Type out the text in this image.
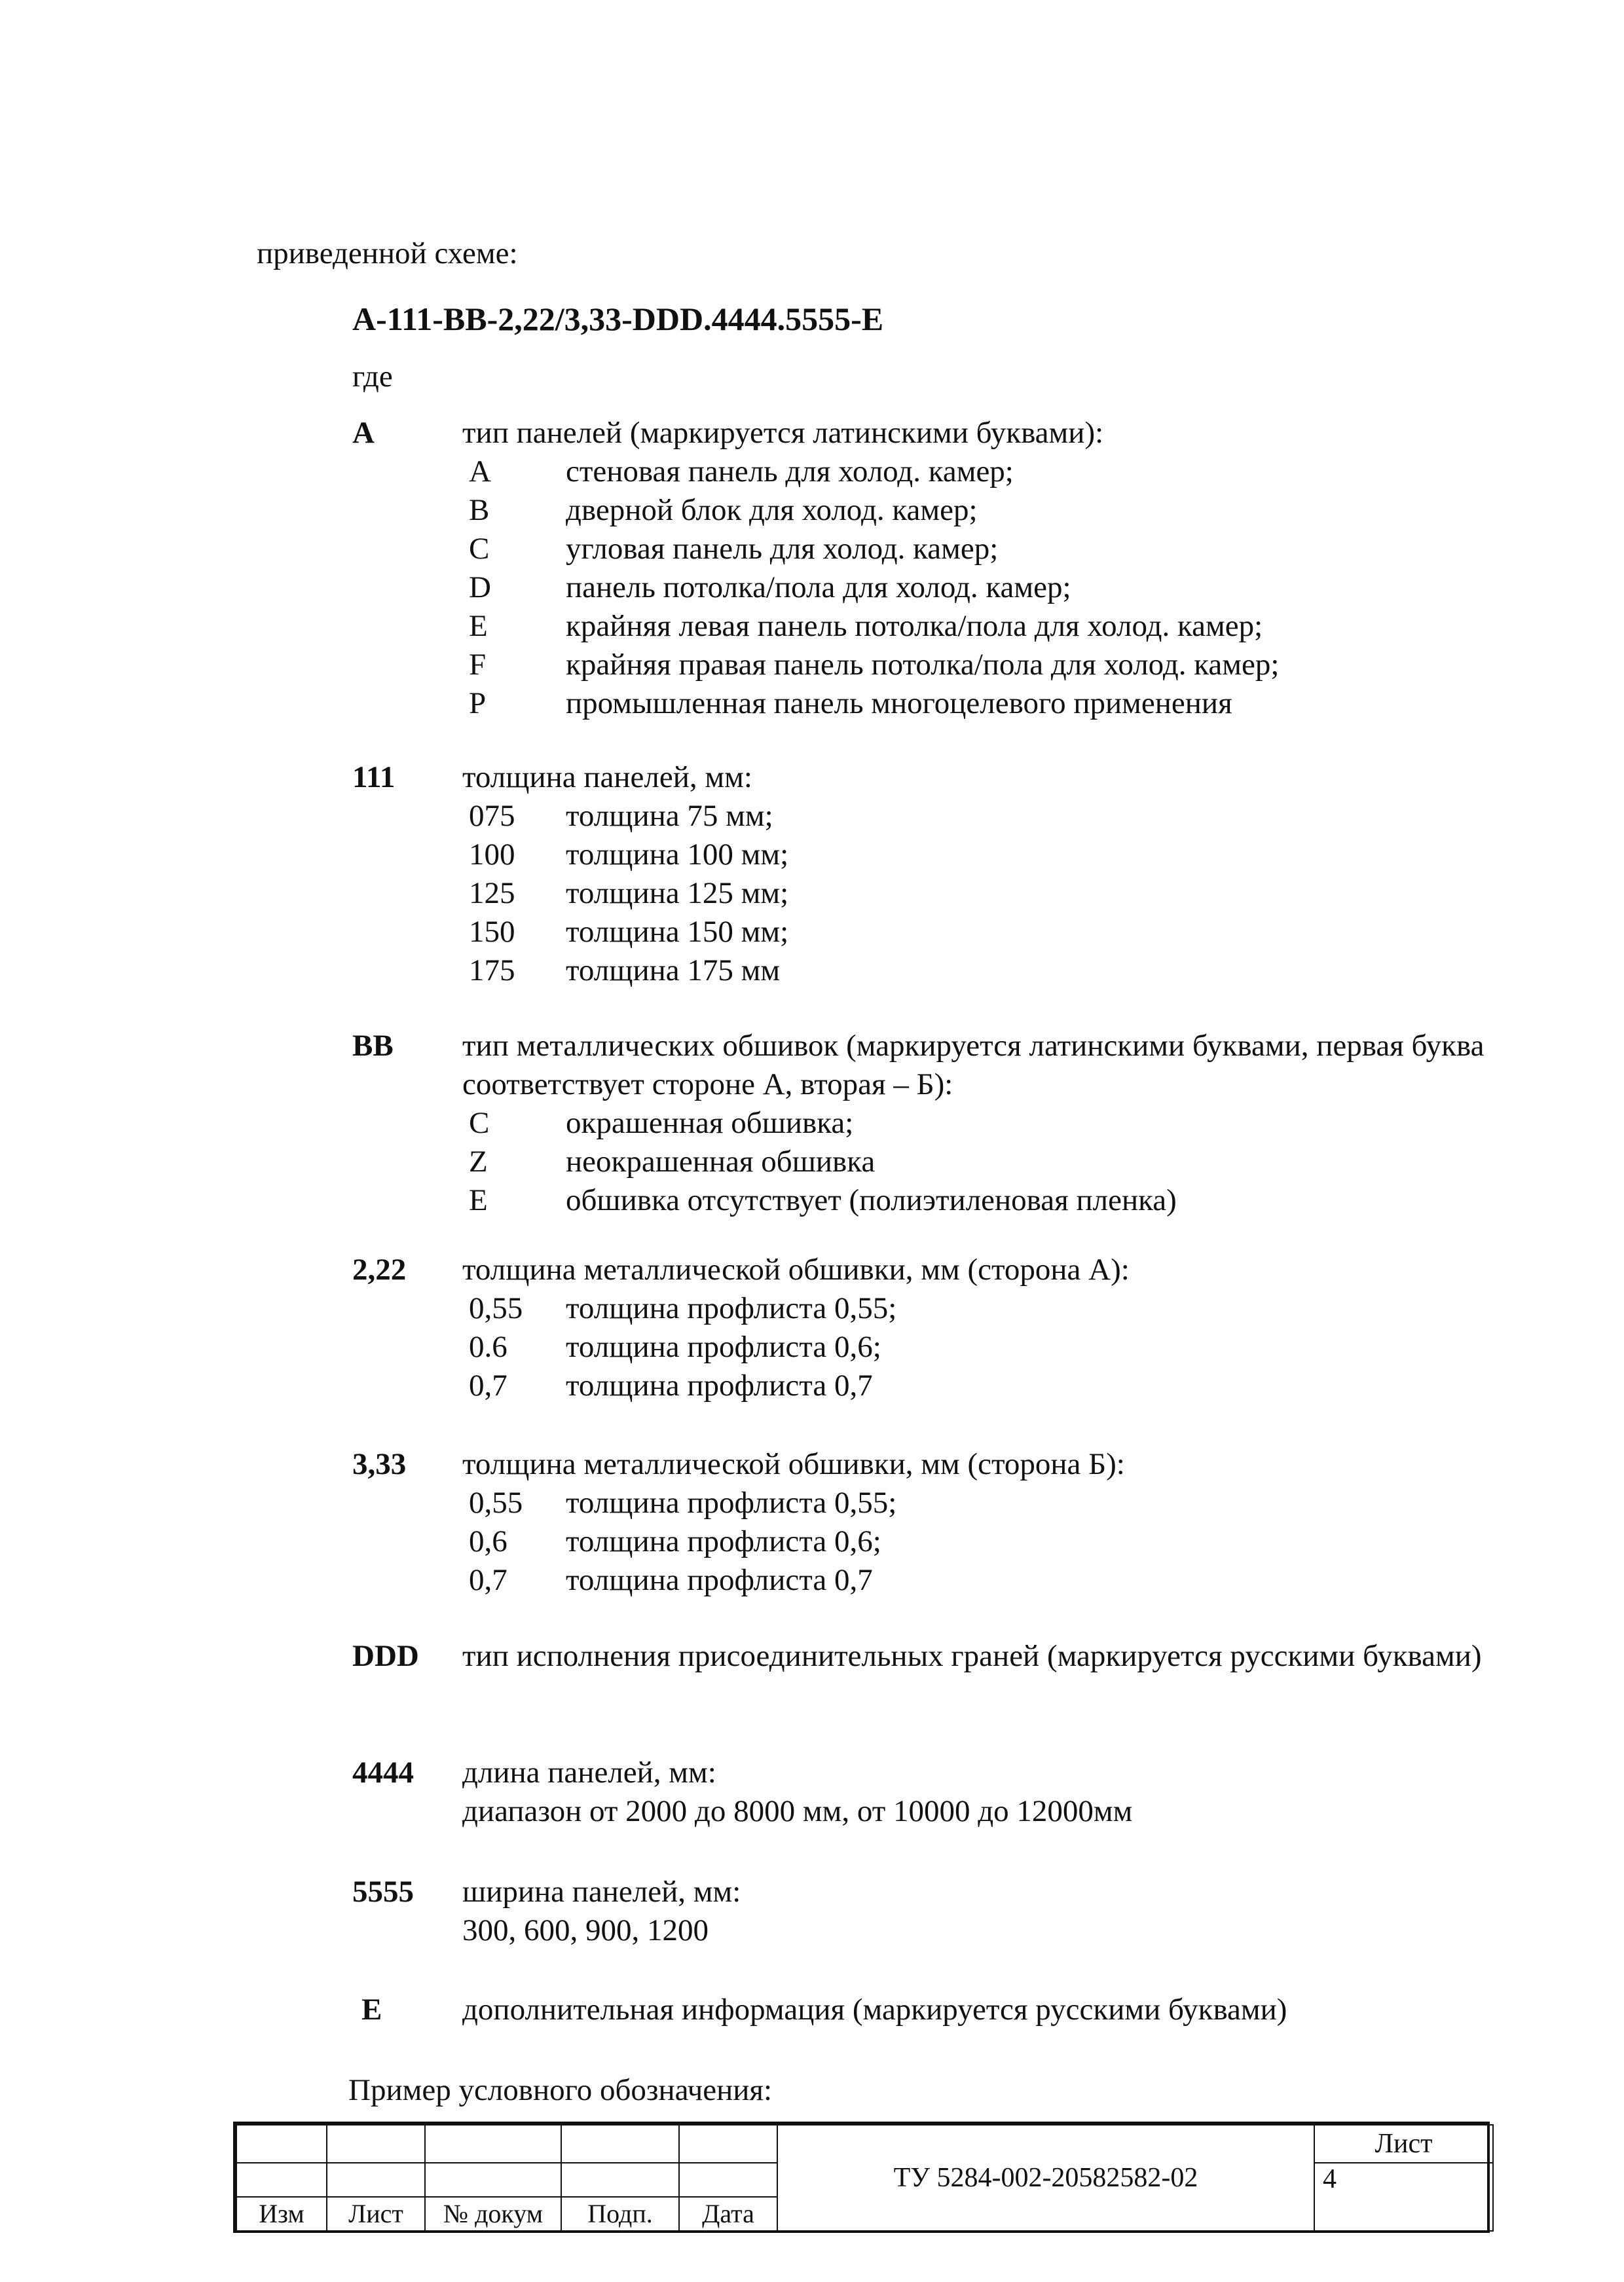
приведенной схеме:
A-111-BB-2,22/3,33-DDD.4444.5555-E
где
A	тип панелей (маркируется латинскими буквами):
A стеновая панель для холод. камер;
B дверной блок для холод. камер;
C угловая панель для холод. камер;
D панель потолка/пола для холод. камер;
E	крайняя левая панель потолка/пола для холод. камер;
F	крайняя правая панель потолка/пола для холод. камер;
P	промышленная панель многоцелевого применения
111 толщина панелей, мм:
075 толщина 75 мм;
100 толщина 100 мм;
125 толщина 125 мм;
150 толщина 150 мм;
175 толщина 175 мм
BB тип металлических обшивок (маркируется латинскими буквами, первая буква соответствует стороне А, вторая – Б):
C окрашенная обшивка;
Z	неокрашенная обшивка
E	обшивка отсутствует (полиэтиленовая пленка)
2,22 толщина металлической обшивки, мм (сторона А):
0,55 толщина профлиста 0,55;
0.6 толщина профлиста 0,6;
0,7 толщина профлиста 0,7
3,33 толщина металлической обшивки, мм (сторона Б):
0,55 толщина профлиста 0,55;
0,6 толщина профлиста 0,6;
0,7 толщина профлиста 0,7
DDD тип исполнения присоединительных граней (маркируется русскими буквами)
4444 длина панелей, мм:
диапазон от 2000 до 8000 мм, от 10000 до 12000мм
5555 ширина панелей, мм:
300, 600, 900, 1200
E	дополнительная информация (маркируется русскими буквами)
Пример условного обозначения:
					ТУ 5284-002-20582582-02	Лист
						4
Изм	Лист	№ докум	Подп.	Дата		
